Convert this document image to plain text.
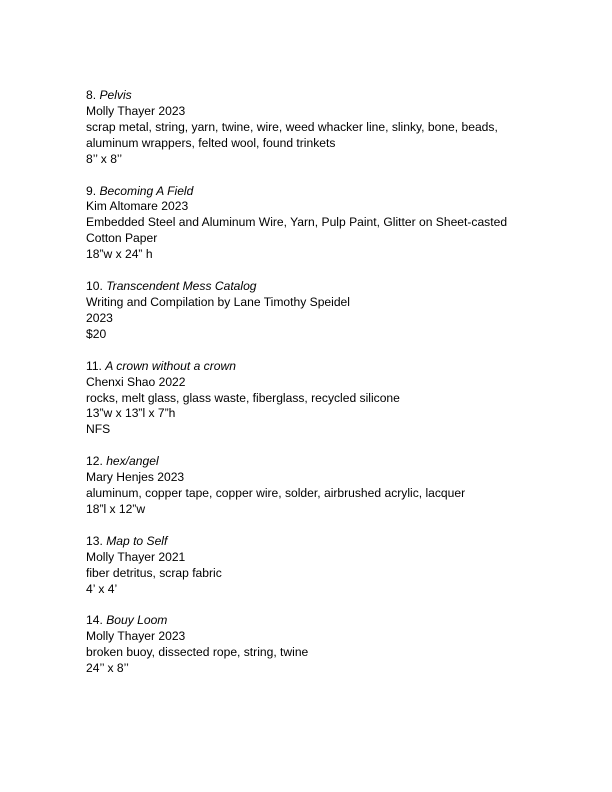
8. Pelvis
Molly Thayer 2023
scrap metal, string, yarn, twine, wire, weed whacker line, slinky, bone, beads, aluminum wrappers, felted wool, found trinkets
8’’ x 8’’
9. Becoming A Field
Kim Altomare 2023
Embedded Steel and Aluminum Wire, Yarn, Pulp Paint, Glitter on Sheet-casted Cotton Paper
18”w x 24” h
10. Transcendent Mess Catalog
Writing and Compilation by Lane Timothy Speidel
2023
$20
11. A crown without a crown
Chenxi Shao 2022
rocks, melt glass, glass waste, fiberglass, recycled silicone
13”w x 13”l x 7”h
NFS
12. hex/angel
Mary Henjes 2023
aluminum, copper tape, copper wire, solder, airbrushed acrylic, lacquer
18”l x 12”w
13. Map to Self
Molly Thayer 2021
fiber detritus, scrap fabric
4’ x 4’
14. Bouy Loom
Molly Thayer 2023
broken buoy, dissected rope, string, twine
24’’ x 8’’
